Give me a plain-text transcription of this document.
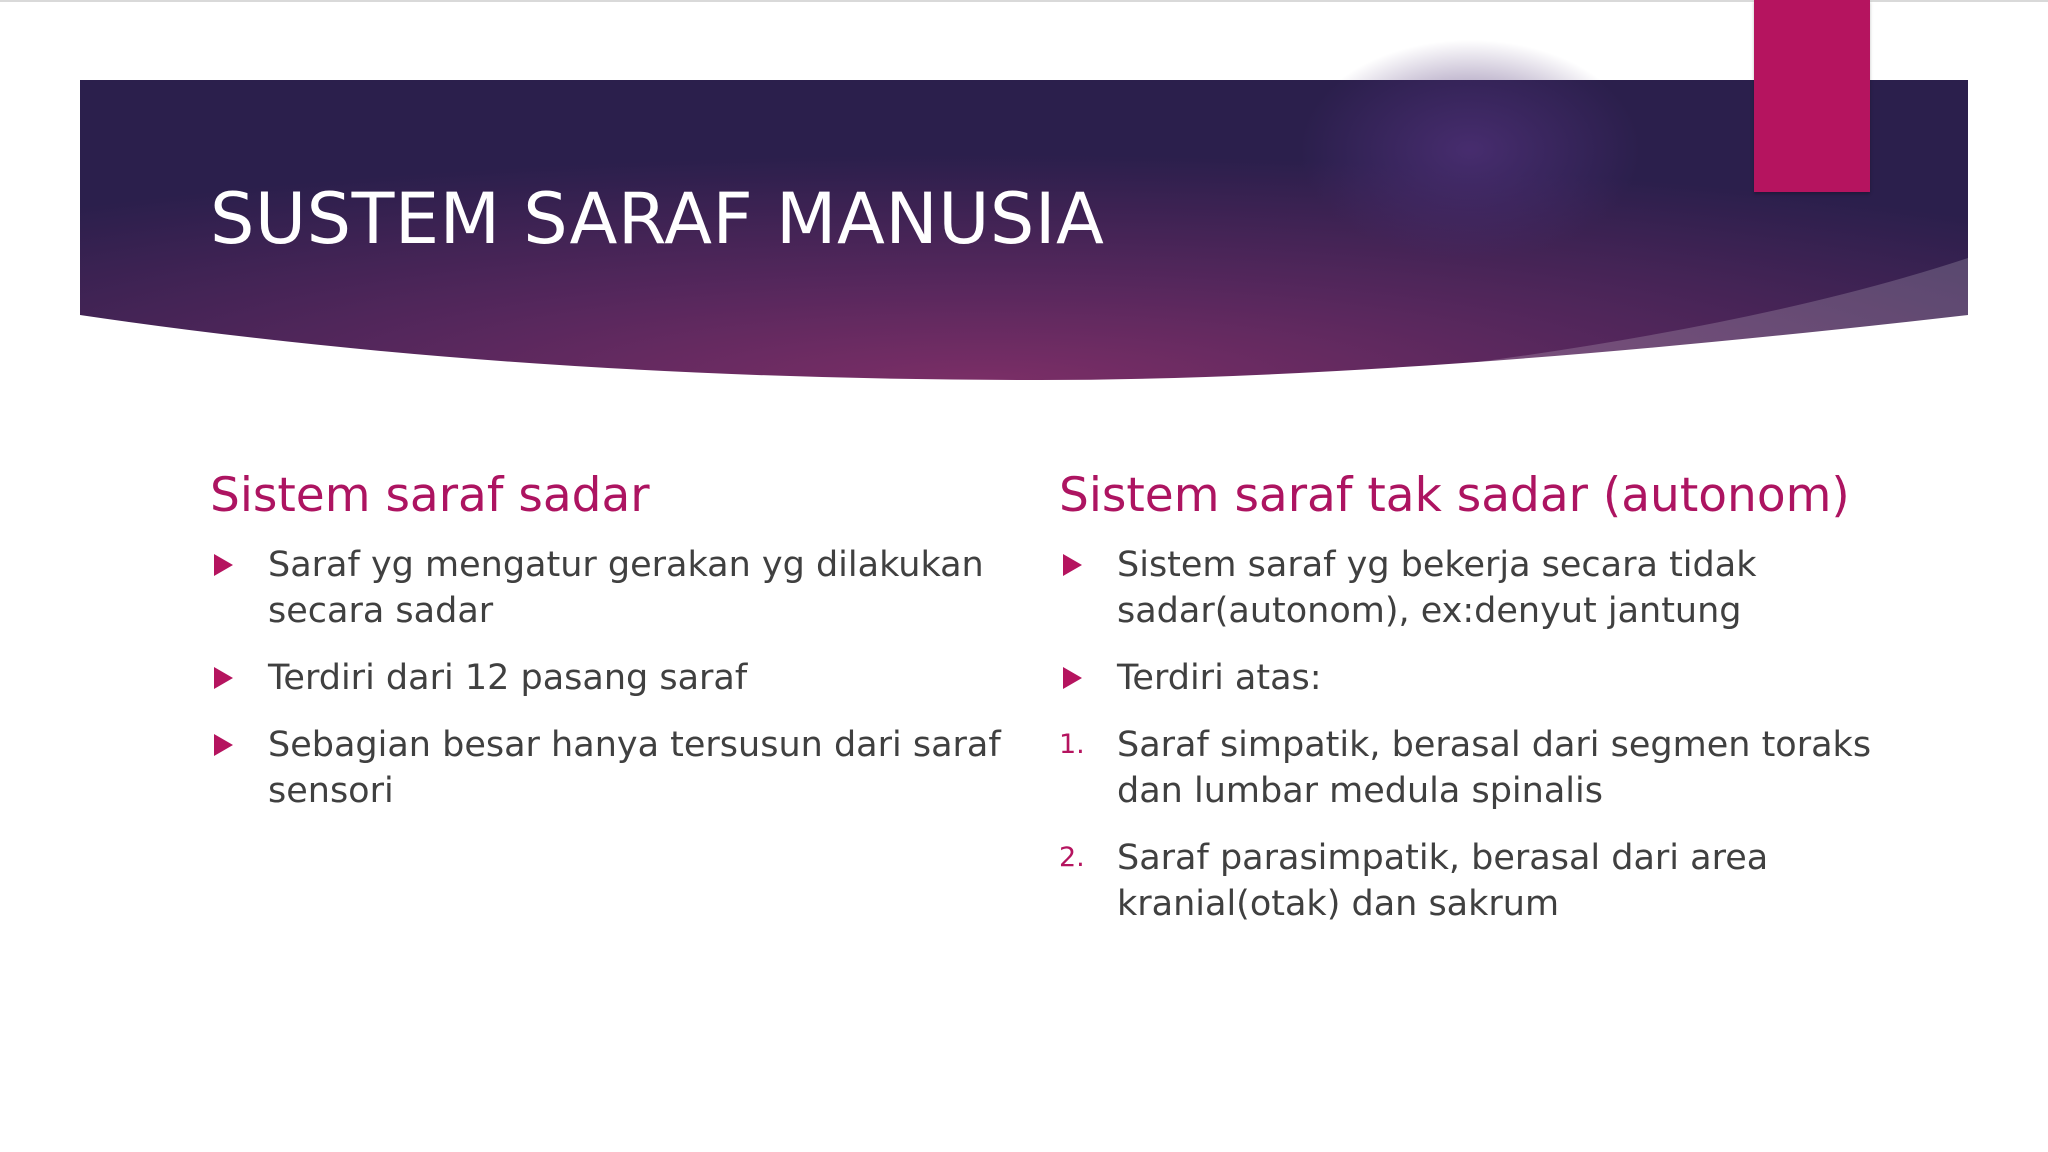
SUSTEM SARAF MANUSIA
Sistem saraf sadar
Saraf yg mengatur gerakan yg dilakukan secara sadar
Terdiri dari 12 pasang saraf
Sebagian besar hanya tersusun dari saraf sensori
Sistem saraf tak sadar (autonom)
Sistem saraf yg bekerja secara tidak sadar(autonom), ex:denyut jantung
Terdiri atas:
1. Saraf simpatik, berasal dari segmen toraks dan lumbar medula spinalis
2. Saraf parasimpatik, berasal dari area kranial(otak) dan sakrum
